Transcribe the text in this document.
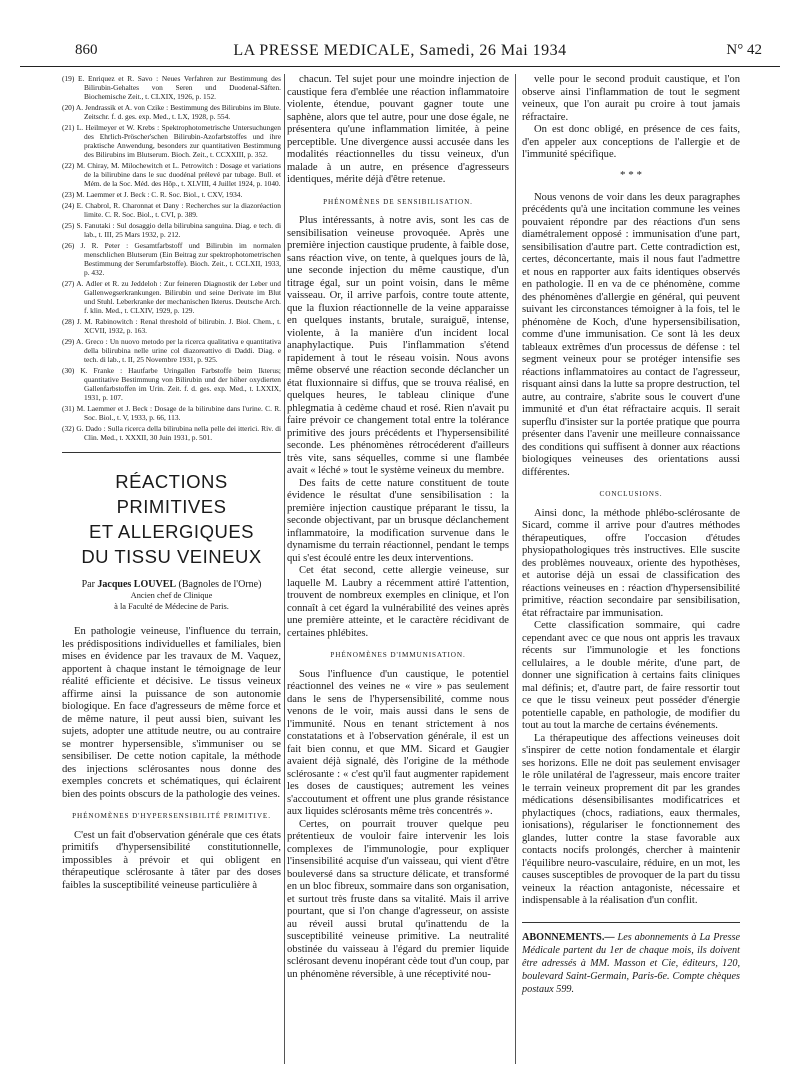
860	LA PRESSE MEDICALE, Samedi, 26 Mai 1934	N° 42

(19) E. Enriquez et R. Savo : Neues Verfahren zur Bestimmung des Bilirubin-Gehaltes von Seren und Duodenal-Säften. Biochemische Zeit., t. CLXIX, 1926, p. 152.

(20) A. Jendrassik et A. von Czike : Bestimmung des Bilirubins im Blute. Zeitschr. f. d. ges. exp. Med., t. LX, 1928, p. 554.

(21) L. Heilmeyer et W. Krebs : Spektrophotometrische Untersuchungen des Ehrlich-Pröscher'schen Bilirubin-Azofarbstoffes und ihre praktische Anwendung, besonders zur quantitativen Bestimmung des Bilirubins im Blutserum. Bioch. Zeit., t. CCXXIII, p. 352.

(22) M. Chiray, M. Milochewitch et L. Petrowitch : Dosage et variations de la bilirubine dans le suc duodénal prélevé par tubage. Bull. et Mém. de la Soc. Méd. des Hôp., t. XLVIII, 4 Juillet 1924, p. 1040.

(23) M. Laemmer et J. Beck : C. R. Soc. Biol., t. CXV, 1934.

(24) E. Chabrol, R. Charonnat et Dany : Recherches sur la diazoréaction limite. C. R. Soc. Biol., t. CVI, p. 389.

(25) S. Fanutaki : Sul dosaggio della bilirubina sanguina. Diag. e tech. di lab., t. III, 25 Mars 1932, p. 212.

(26) J. R. Peter : Gesamtfarbstoff und Bilirubin im normalen menschlichen Blutserum (Ein Beitrag zur spektrophotometrischen Bestimmung der Serumfarbstoffe). Bioch. Zeit., t. CCLXII, 1933, p. 432.

(27) A. Adler et R. zu Jeddeloh : Zur feineren Diagnostik der Leber und Gallenwegserkrankungen. Bilirubin und seine Derivate im Blut und Stuhl. Leberkranke der mechanischen Ikterus. Deutsche Arch. f. klin. Med., t. CLXIV, 1929, p. 129.

(28) J. M. Rabinowitch : Renal threshold of bilirubin. J. Biol. Chem., t. XCVII, 1932, p. 163.

(29) A. Greco : Un nuovo metodo per la ricerca qualitativa e quantitativa della bilirubina nelle urine col diazoreattivo di Daddi. Diag. e tech. di lab., t. II, 25 Novembre 1931, p. 925.

(30) K. Franke : Hautfarbe Uringallen Farbstoffe beim Ikterus; quantitative Bestimmung von Bilirubin und der höher oxydierten Gallenfarbstoffen im Urin. Zeit. f. d. ges. exp. Med., t. LXXIX, 1931, p. 107.

(31) M. Laemmer et J. Beck : Dosage de la bilirubine dans l'urine. C. R. Soc. Biol., t. V, 1933, p. 66, 113.

(32) G. Dado : Sulla ricerca della bilirubina nella pelle dei itterici. Riv. di Clin. Med., t. XXXII, 30 Juin 1931, p. 501.

RÉACTIONS PRIMITIVES
ET ALLERGIQUES
DU TISSU VEINEUX

Par Jacques LOUVEL (Bagnoles de l'Orne)

Ancien chef de Clinique

à la Faculté de Médecine de Paris.

En pathologie veineuse, l'influence du terrain, les prédispositions individuelles et familiales, bien mises en évidence par les travaux de M. Vaquez, apportent à chaque instant le témoignage de leur réalité efficiente et décisive. Le tissus veineux affirme ainsi la puissance de son autonomie biologique. En face d'agresseurs de même force et de même nature, il peut aussi bien, suivant les sujets, adopter une attitude neutre, ou au contraire se montrer hypersensible, s'immuniser ou se sensibiliser. De cette notion capitale, la méthode des injections sclérosantes nous donne des exemples concrets et schématiques, qui éclairent bien des points obscurs de la pathologie des veines.

PHÉNOMÈNES D'HYPERSENSIBILITÉ PRIMITIVE.

C'est un fait d'observation générale que ces états primitifs d'hypersensibilité constitutionnelle, impossibles à prévoir et qui obligent en thérapeutique sclérosante à tâter par des doses faibles la susceptibilité veineuse particulière à

chacun. Tel sujet pour une moindre injection de caustique fera d'emblée une réaction inflammatoire violente, étendue, pouvant gagner toute une saphène, alors que tel autre, pour une dose égale, ne présentera qu'une inflammation limitée, à peine perceptible. Une divergence aussi accusée dans les modalités réactionnelles du tissu veineux, d'un malade à un autre, en présence d'agresseurs identiques, mérite déjà d'être retenue.

PHÉNOMÈNES DE SENSIBILISATION.

Plus intéressants, à notre avis, sont les cas de sensibilisation veineuse provoquée. Après une première injection caustique prudente, à faible dose, sans réaction vive, on tente, à quelques jours de là, une seconde injection du même caustique, d'un titrage égal, sur un point voisin, dans le même vaisseau. Or, il arrive parfois, contre toute attente, que la fluxion réactionnelle de la veine apparaisse en quelques instants, brutale, suraiguë, intense, violente, à la manière d'un incident local anaphylactique. Puis l'inflammation s'étend rapidement à tout le réseau voisin. Nous avons même observé une réaction seconde déclancher un état fluxionnaire si diffus, que se trouva réalisé, en quelques heures, le tableau clinique d'une phlegmatia à cedème chaud et rosé. Rien n'avait pu faire prévoir ce changement total entre la tolérance primitive des jours précédents et l'hypersensibilité seconde. Les phénomènes rétrocéderent d'ailleurs très vite, sans séquelles, comme si une flambée avait « léché » tout le système veineux du membre.

Des faits de cette nature constituent de toute évidence le résultat d'une sensibilisation : la première injection caustique préparant le tissu, la seconde objectivant, par un brusque déclanchement inflammatoire, la modification survenue dans le dynamisme du terrain réactionnel, pendant le temps qui s'est écoulé entre les deux interventions.

Cet état second, cette allergie veineuse, sur laquelle M. Laubry a récemment attiré l'attention, trouvent de nombreux exemples en clinique, et l'on connaît à cet égard la vulnérabilité des veines après une première atteinte, et le caractère récidivant de certaines phlébites.

PHÉNOMÈNES D'IMMUNISATION.

Sous l'influence d'un caustique, le potentiel réactionnel des veines ne « vire » pas seulement dans le sens de l'hypersensibilité, comme nous venons de le voir, mais aussi dans le sens de l'immunité. Nous en tenant strictement à nos constatations et à l'observation générale, il est un fait bien connu, et que MM. Sicard et Gaugier avaient déjà signalé, dès l'origine de la méthode sclérosante : « c'est qu'il faut augmenter rapidement les doses de caustiques; autrement les veines s'accoutument et offrent une plus grande résistance aux liquides sclérosants même très concentrés ».

Certes, on pourrait trouver quelque peu prétentieux de vouloir faire intervenir les lois complexes de l'immunologie, pour expliquer l'insensibilité acquise d'un vaisseau, qui vient d'être bouleversé dans sa structure délicate, et transformé en un bloc fibreux, sommaire dans son organisation, et surtout très fruste dans sa vitalité. Mais il arrive pourtant, que si l'on change d'agresseur, on assiste au réveil aussi brutal qu'inattendu de la susceptibilité veineuse primitive. La neutralité obstinée du vaisseau à l'égard du premier liquide sclérosant devenu inopérant cède tout d'un coup, par un phénomène réversible, à une réceptivité nou-

velle pour le second produit caustique, et l'on observe ainsi l'inflammation de tout le segment veineux, que l'on aurait pu croire à tout jamais réfractaire.

On est donc obligé, en présence de ces faits, d'en appeler aux conceptions de l'allergie et de l'immunité spécifique.

* * *

Nous venons de voir dans les deux paragraphes précédents qu'à une incitation commune les veines pouvaient répondre par des réactions d'un sens diamétralement opposé : immunisation d'une part, sensibilisation d'autre part. Cette contradiction est, certes, déconcertante, mais il nous faut l'admettre et nous en rapporter aux faits identiques observés en pathologie. Il en va de ce phénomène, comme des phénomènes d'allergie en général, qui peuvent suivant les circonstances témoigner à la fois, tel le phénomène de Koch, d'une hypersensibilisation, comme d'une immunisation. Ce sont là les deux tableaux extrêmes d'un processus de défense : tel segment veineux pour se protéger intensifie ses réactions inflammatoires au contact de l'agresseur, risquant ainsi dans la lutte sa propre destruction, tel autre, au contraire, s'abrite sous le couvert d'une immunité et d'un état réfractaire acquis. Il serait superflu d'insister sur la portée pratique que pourra présenter dans l'avenir une meilleure connaissance des conditions qui suffisent à donner aux réactions biologiques veineuses des orientations aussi différentes.

CONCLUSIONS.

Ainsi donc, la méthode phlébo-sclérosante de Sicard, comme il arrive pour d'autres méthodes thérapeutiques, offre l'occasion d'études physiopathologiques très instructives. Elle suscite des problèmes nouveaux, oriente des hypothèses, et autorise déjà un essai de classification des réactions veineuses en : réaction d'hypersensibilité primitive, réaction secondaire par sensibilisation, état réfractaire par immunisation.

Cette classification sommaire, qui cadre cependant avec ce que nous ont appris les travaux récents sur l'immunologie et les fonctions cellulaires, a le double mérite, d'une part, de donner une signification à certains faits cliniques mal définis; et, d'autre part, de faire ressortir tout ce que le tissu veineux peut posséder d'énergie potentielle capable, en pathologie, de modifier du tout au tout la marche de certains événements.

La thérapeutique des affections veineuses doit s'inspirer de cette notion fondamentale et élargir ses horizons. Elle ne doit pas seulement envisager le rôle unilatéral de l'agresseur, mais encore traiter le terrain veineux proprement dit par les grandes médications désensibilisantes modificatrices et phylactiques (chocs, radiations, eaux thermales, ionisations), régulariser le fonctionnement des glandes, lutter contre la stase favorable aux contacts nocifs prolongés, chercher à maintenir l'équilibre neuro-vasculaire, réduire, en un mot, les causes susceptibles de provoquer de la part du tissu veineux la réaction antagoniste, nécessaire et indispensable à la réalisation d'un conflit.

ABONNEMENTS.— Les abonnements à La Presse Médicale partent du 1er de chaque mois, ils doivent être adressés à MM. Masson et Cie, éditeurs, 120, boulevard Saint-Germain, Paris-6e. Compte chèques postaux 599.
